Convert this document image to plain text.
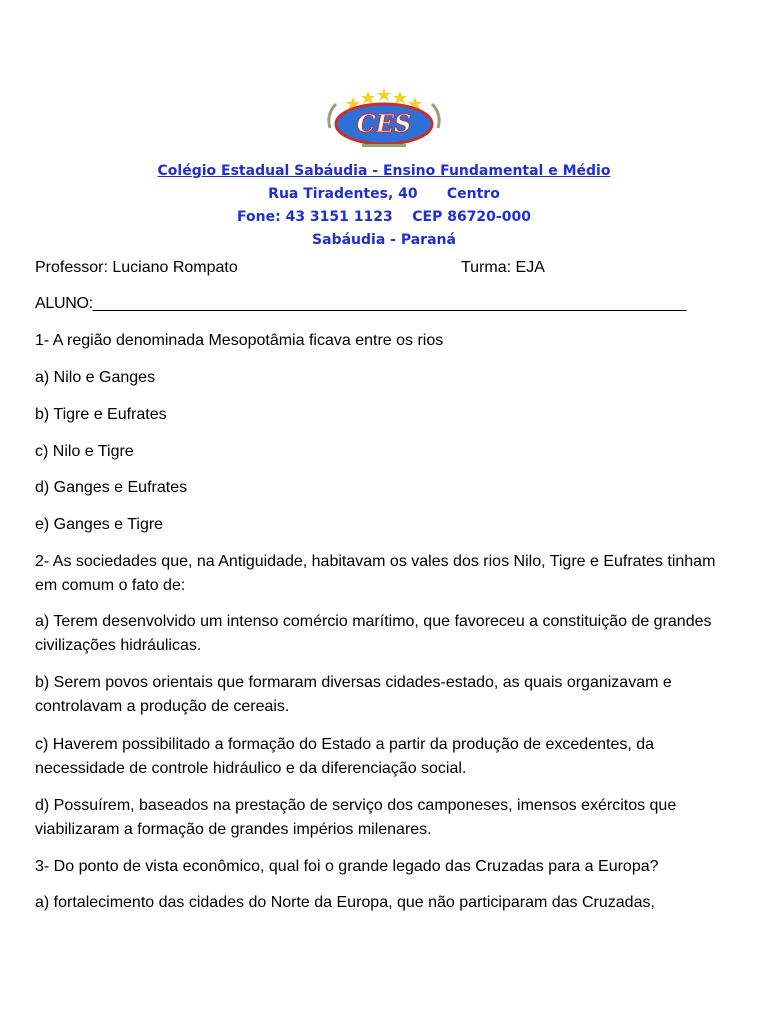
CES
Colégio Estadual Sabáudia - Ensino Fundamental e Médio
Rua Tiradentes, 40      Centro
Fone: 43 3151 1123    CEP 86720-000
Sabáudia - Paraná
Professor: Luciano Rompato	Turma: EJA
ALUNO:_____________________________________________________________________
1- A região denominada Mesopotâmia ficava entre os rios
a) Nilo e Ganges
b) Tigre e Eufrates
c) Nilo e Tigre
d) Ganges e Eufrates
e) Ganges e Tigre
2- As sociedades que, na Antiguidade, habitavam os vales dos rios Nilo, Tigre e Eufrates tinham em comum o fato de:
a) Terem desenvolvido um intenso comércio marítimo, que favoreceu a constituição de grandes civilizações hidráulicas.
b) Serem povos orientais que formaram diversas cidades-estado, as quais organizavam e controlavam a produção de cereais.
c) Haverem possibilitado a formação do Estado a partir da produção de excedentes, da necessidade de controle hidráulico e da diferenciação social.
d) Possuírem, baseados na prestação de serviço dos camponeses, imensos exércitos que viabilizaram a formação de grandes impérios milenares.
3- Do ponto de vista econômico, qual foi o grande legado das Cruzadas para a Europa?
a) fortalecimento das cidades do Norte da Europa, que não participaram das Cruzadas,
